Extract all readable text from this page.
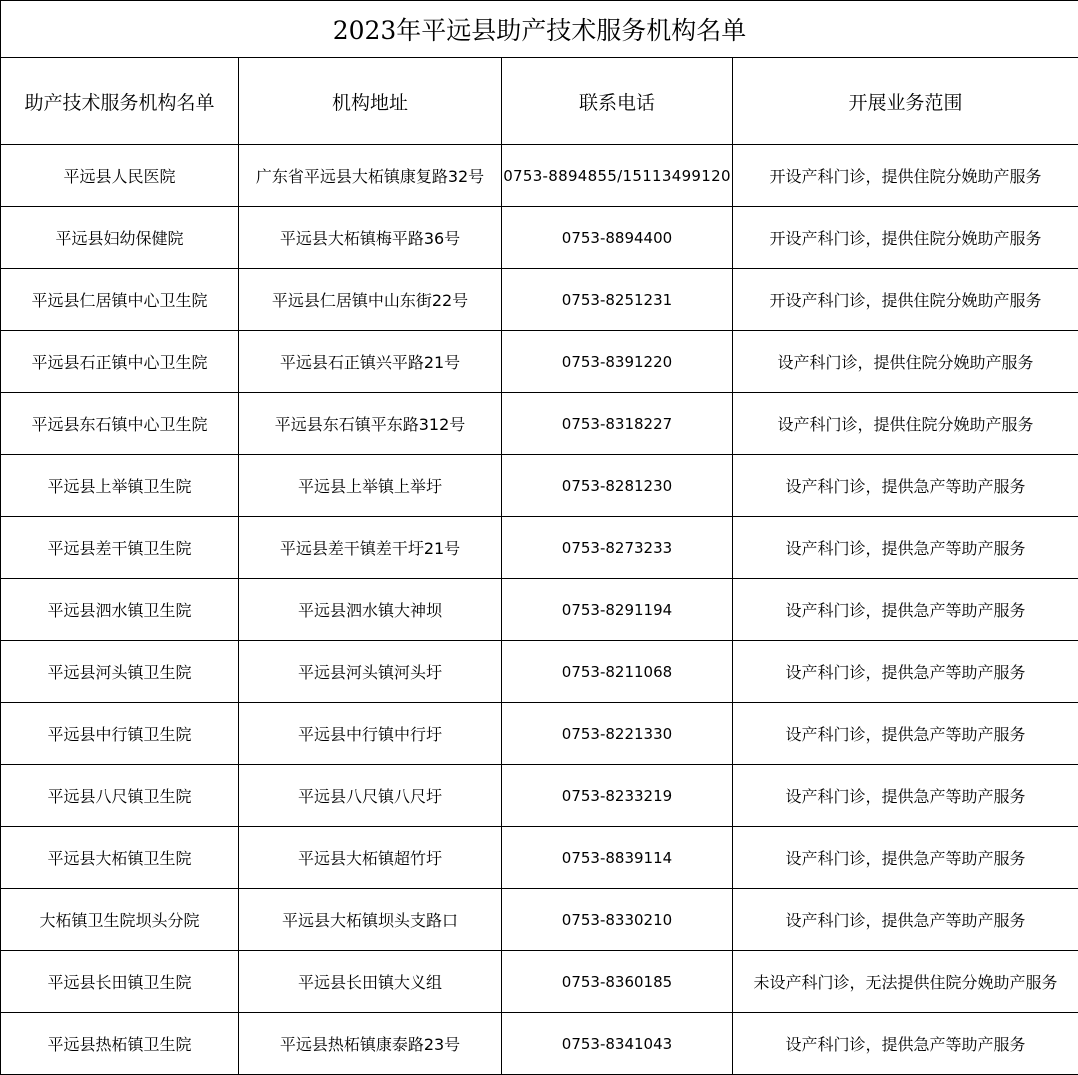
2023年平远县助产技术服务机构名单			
助产技术服务机构名单	机构地址	联系电话	开展业务范围
平远县人民医院	广东省平远县大柘镇康复路32号	0753-8894855/15113499120	开设产科门诊，提供住院分娩助产服务
平远县妇幼保健院	平远县大柘镇梅平路36号	0753-8894400	开设产科门诊，提供住院分娩助产服务
平远县仁居镇中心卫生院	平远县仁居镇中山东街22号	0753-8251231	开设产科门诊，提供住院分娩助产服务
平远县石正镇中心卫生院	平远县石正镇兴平路21号	0753-8391220	设产科门诊，提供住院分娩助产服务
平远县东石镇中心卫生院	平远县东石镇平东路312号	0753-8318227	设产科门诊，提供住院分娩助产服务
平远县上举镇卫生院	平远县上举镇上举圩	0753-8281230	设产科门诊，提供急产等助产服务
平远县差干镇卫生院	平远县差干镇差干圩21号	0753-8273233	设产科门诊，提供急产等助产服务
平远县泗水镇卫生院	平远县泗水镇大神坝	0753-8291194	设产科门诊，提供急产等助产服务
平远县河头镇卫生院	平远县河头镇河头圩	0753-8211068	设产科门诊，提供急产等助产服务
平远县中行镇卫生院	平远县中行镇中行圩	0753-8221330	设产科门诊，提供急产等助产服务
平远县八尺镇卫生院	平远县八尺镇八尺圩	0753-8233219	设产科门诊，提供急产等助产服务
平远县大柘镇卫生院	平远县大柘镇超竹圩	0753-8839114	设产科门诊，提供急产等助产服务
大柘镇卫生院坝头分院	平远县大柘镇坝头支路口	0753-8330210	设产科门诊，提供急产等助产服务
平远县长田镇卫生院	平远县长田镇大义组	0753-8360185	未设产科门诊，无法提供住院分娩助产服务
平远县热柘镇卫生院	平远县热柘镇康泰路23号	0753-8341043	设产科门诊，提供急产等助产服务
